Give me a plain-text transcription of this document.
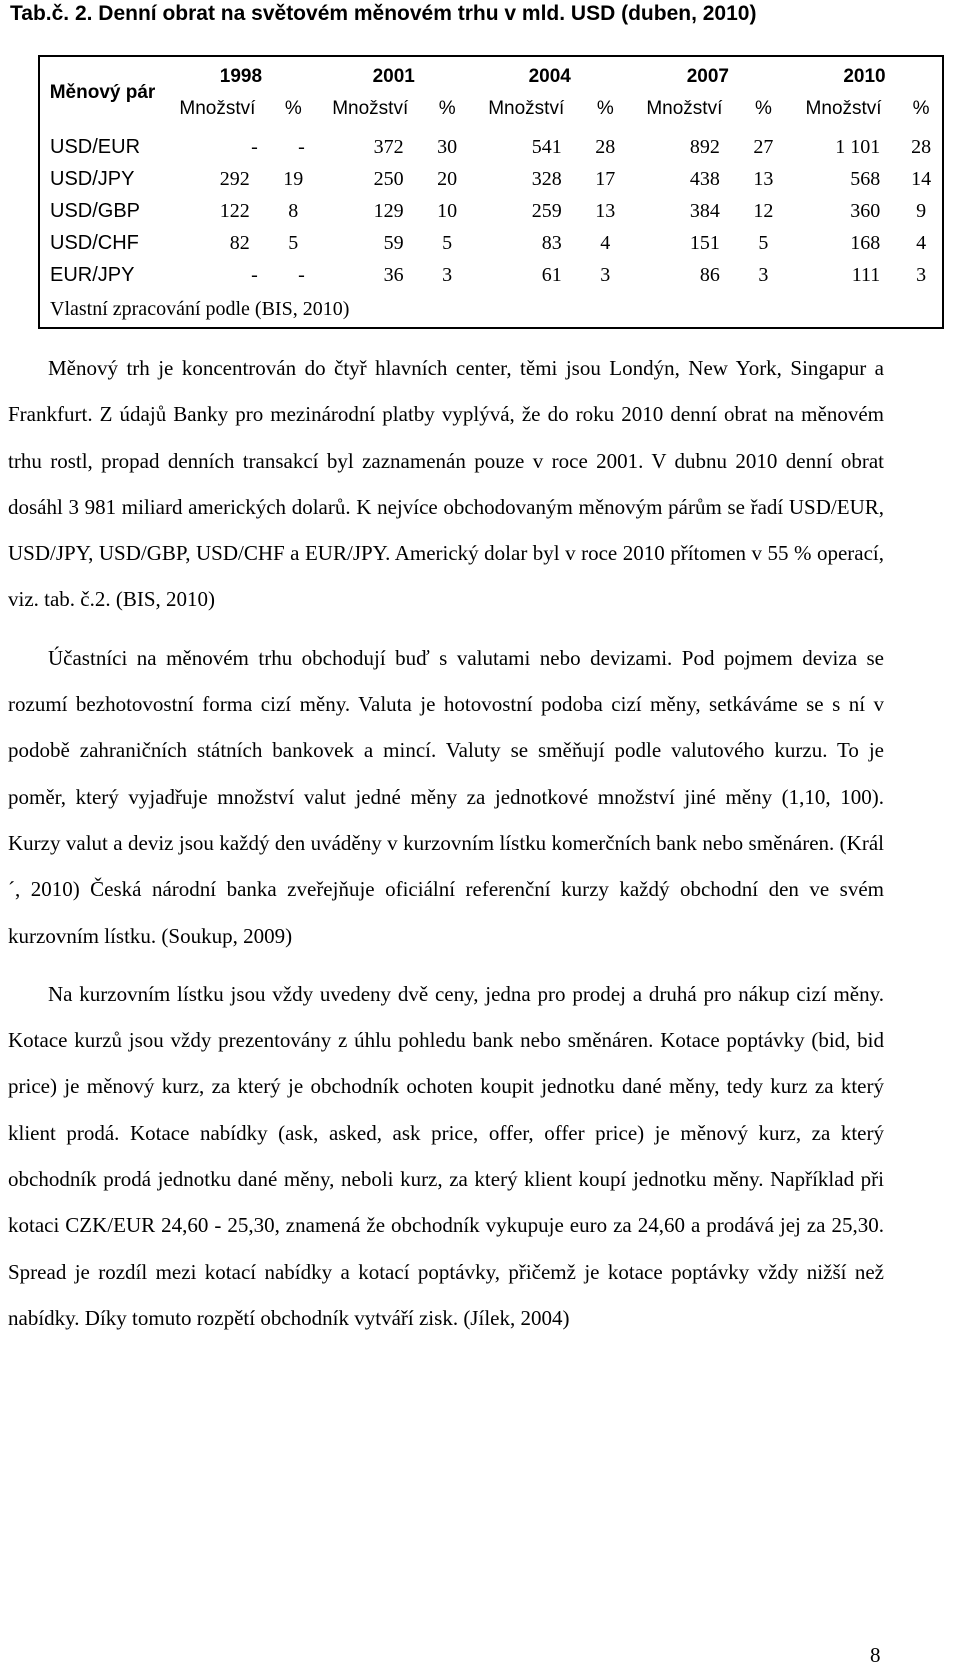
Tab.č. 2. Denní obrat na světovém měnovém trhu v mld. USD (duben, 2010)
Měnový pár	1998		2001		2004		2007		2010	
	Množství	%	Množství	%	Množství	%	Množství	%	Množství	%
USD/EUR	-	-	372	30	541	28	892	27	1 101	28
USD/JPY	292	19	250	20	328	17	438	13	568	14
USD/GBP	122	8	129	10	259	13	384	12	360	9
USD/CHF	82	5	59	5	83	4	151	5	168	4
EUR/JPY	-	-	36	3	61	3	86	3	111	3
Vlastní zpracování podle (BIS, 2010)										

Měnový trh je koncentrován do čtyř hlavních center, těmi jsou Londýn, New York, Singapur a Frankfurt. Z údajů Banky pro mezinárodní platby vyplývá, že do roku 2010 denní obrat na měnovém trhu rostl, propad denních transakcí byl zaznamenán pouze v roce 2001. V dubnu 2010 denní obrat dosáhl 3 981 miliard amerických dolarů. K nejvíce obchodovaným měnovým párům se řadí USD/EUR, USD/JPY, USD/GBP, USD/CHF a EUR/JPY. Americký dolar byl v roce 2010 přítomen v 55 % operací, viz. tab. č.2. (BIS, 2010)

Účastníci na měnovém trhu obchodují buď s valutami nebo devizami. Pod pojmem deviza se rozumí bezhotovostní forma cizí měny. Valuta je hotovostní podoba cizí měny, setkáváme se s ní v podobě zahraničních státních bankovek a mincí. Valuty se směňují podle valutového kurzu. To je poměr, který vyjadřuje množství valut jedné měny za jednotkové množství jiné měny (1,10, 100). Kurzy valut a deviz jsou každý den uváděny v kurzovním lístku komerčních bank nebo směnáren. (Král´, 2010) Česká národní banka zveřejňuje oficiální referenční kurzy každý obchodní den ve svém kurzovním lístku. (Soukup, 2009)

Na kurzovním lístku jsou vždy uvedeny dvě ceny, jedna pro prodej a druhá pro nákup cizí měny. Kotace kurzů jsou vždy prezentovány z úhlu pohledu bank nebo směnáren. Kotace poptávky (bid, bid price) je měnový kurz, za který je obchodník ochoten koupit jednotku dané měny, tedy kurz za který klient prodá. Kotace nabídky (ask, asked, ask price, offer, offer price) je měnový kurz, za který obchodník prodá jednotku dané měny, neboli kurz, za který klient koupí jednotku měny. Například při kotaci CZK/EUR 24,60 - 25,30, znamená že obchodník vykupuje euro za 24,60 a prodává jej za 25,30. Spread je rozdíl mezi kotací nabídky a kotací poptávky, přičemž je kotace poptávky vždy nižší než nabídky. Díky tomuto rozpětí obchodník vytváří zisk. (Jílek, 2004)

8
